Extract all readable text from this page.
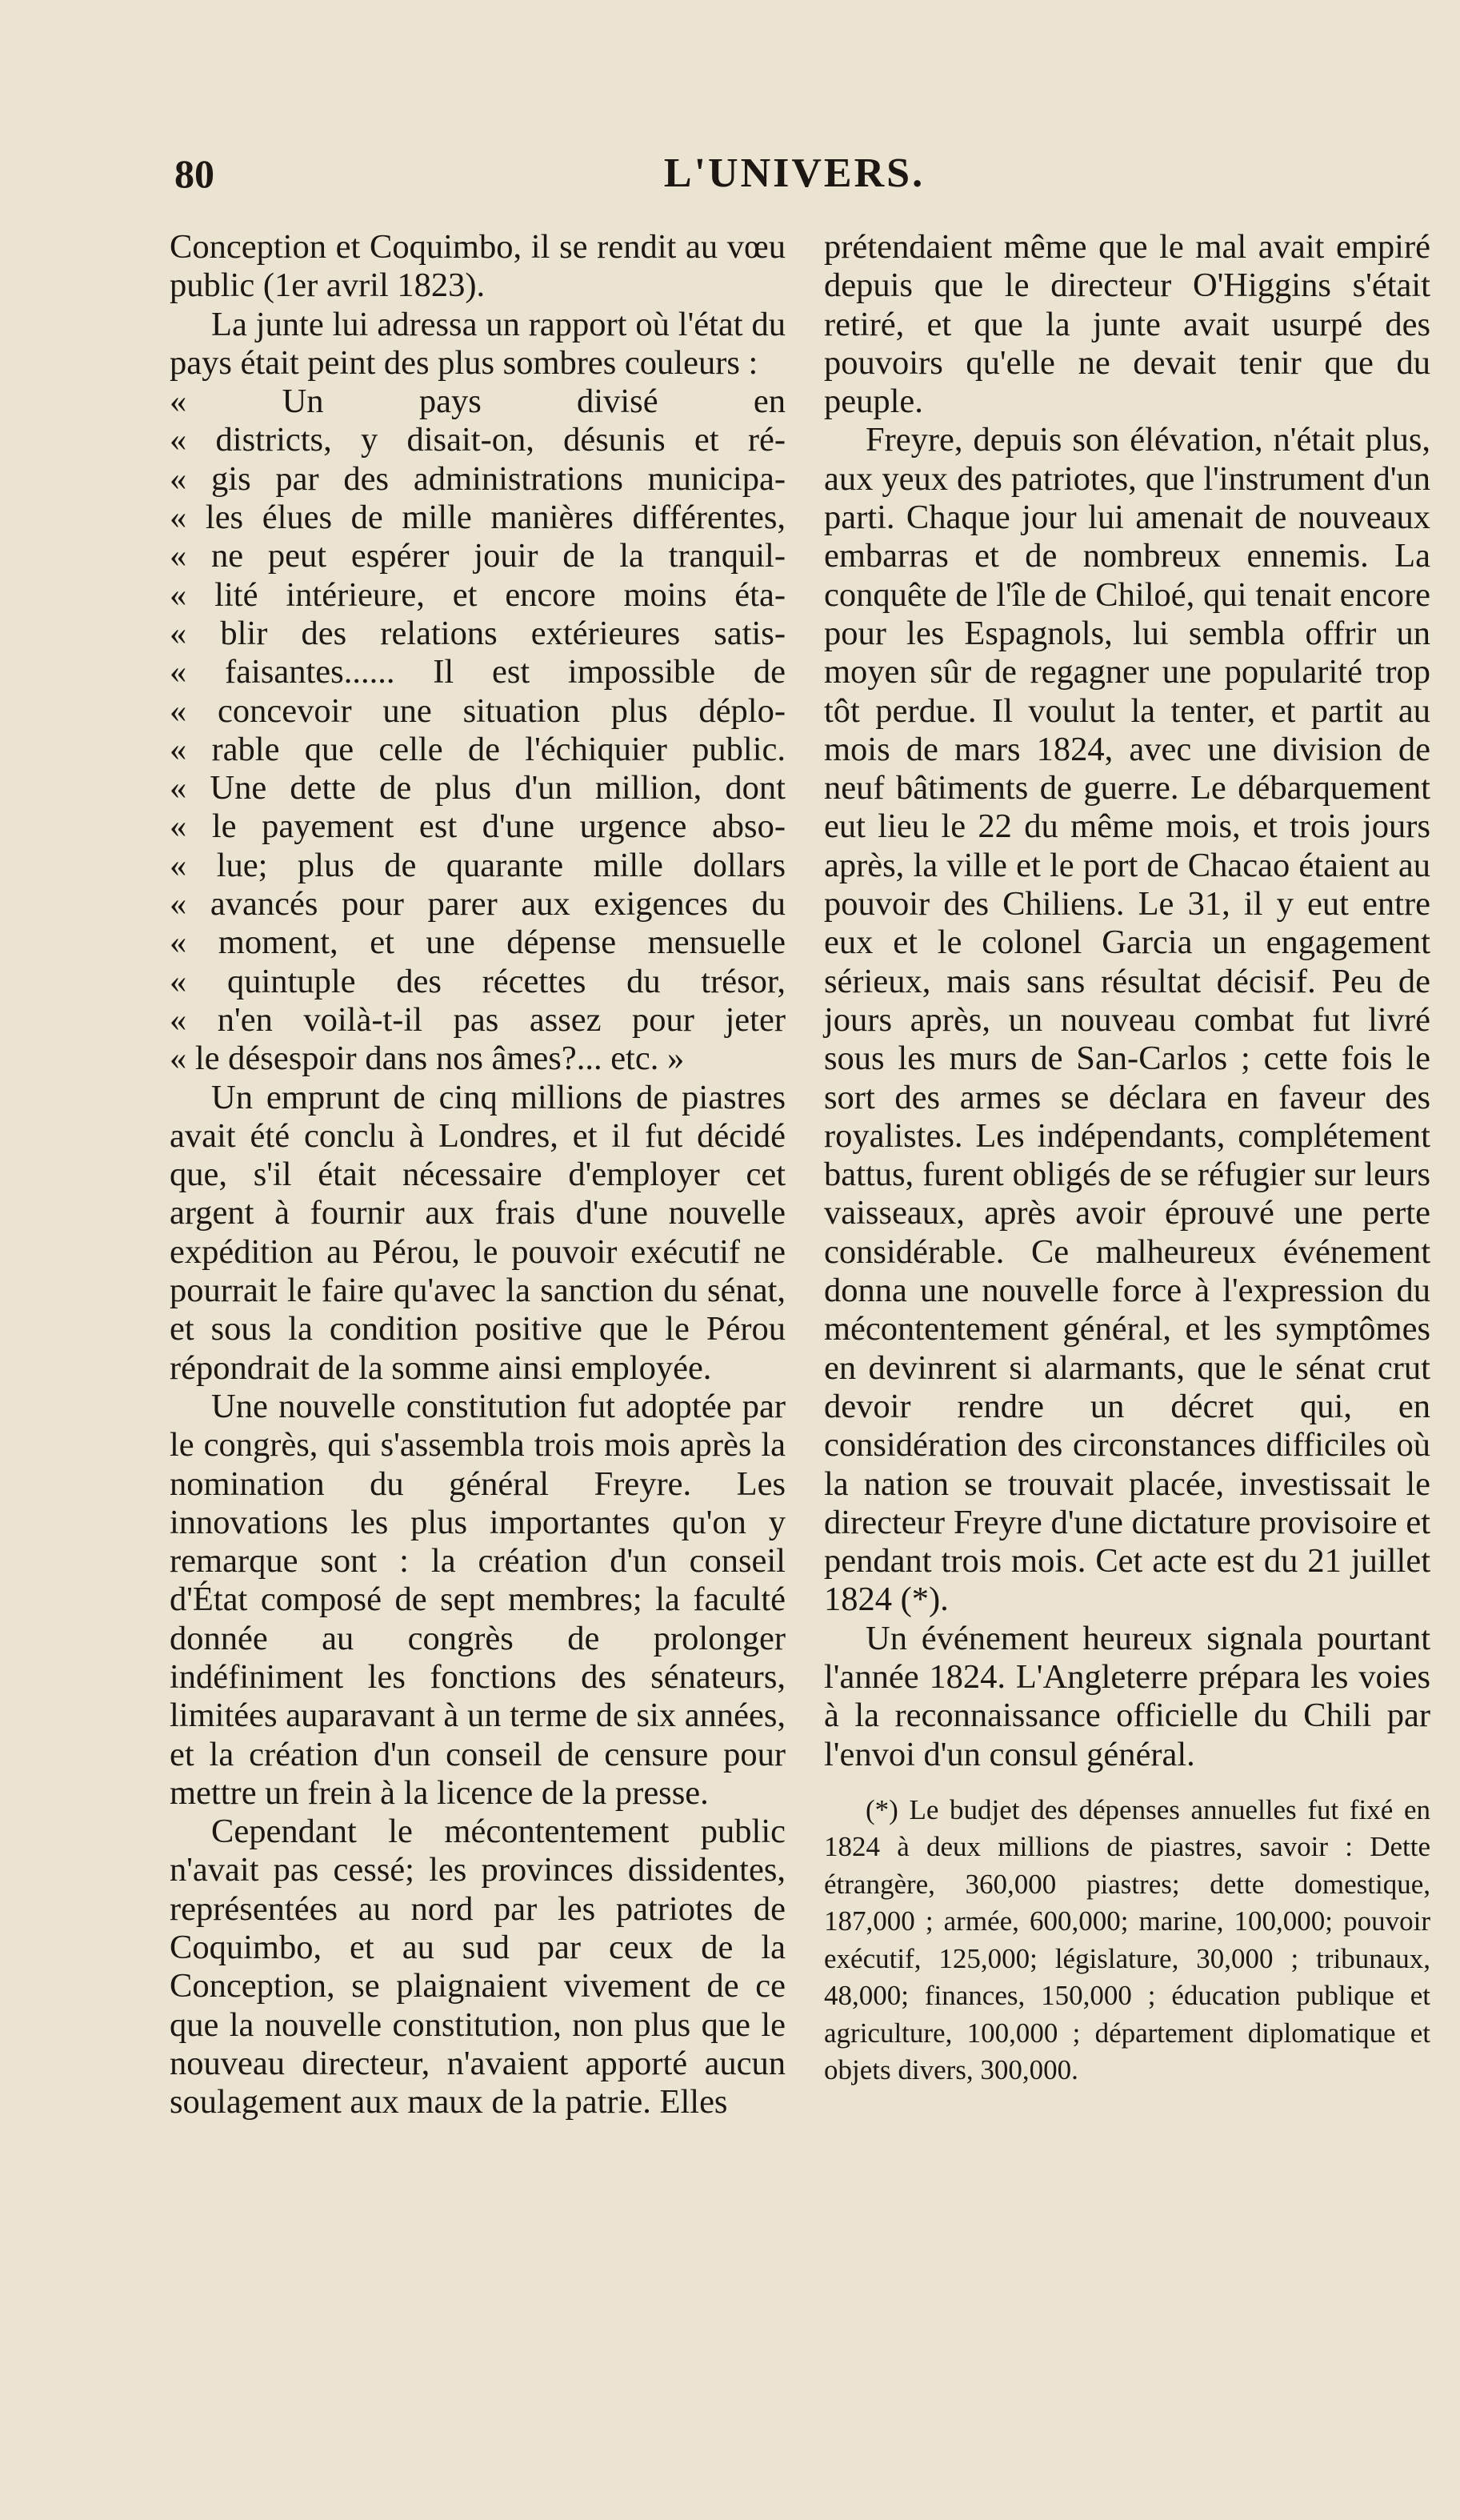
80	L'UNIVERS.

Conception et Coquimbo, il se rendit au vœu public (1er avril 1823).

La junte lui adressa un rapport où l'état du pays était peint des plus sombres couleurs :

« Un pays divisé en
« districts, y disait-on, désunis et ré-
« gis par des administrations municipa-
« les élues de mille manières différentes,
« ne peut espérer jouir de la tranquil-
« lité intérieure, et encore moins éta-
« blir des relations extérieures satis-
« faisantes...... Il est impossible de
« concevoir une situation plus déplo-
« rable que celle de l'échiquier public.
« Une dette de plus d'un million, dont
« le payement est d'une urgence abso-
« lue; plus de quarante mille dollars
« avancés pour parer aux exigences du
« moment, et une dépense mensuelle
« quintuple des récettes du trésor,
« n'en voilà-t-il pas assez pour jeter
« le désespoir dans nos âmes?... etc. »

Un emprunt de cinq millions de piastres avait été conclu à Londres, et il fut décidé que, s'il était nécessaire d'employer cet argent à fournir aux frais d'une nouvelle expédition au Pérou, le pouvoir exécutif ne pourrait le faire qu'avec la sanction du sénat, et sous la condition positive que le Pérou répondrait de la somme ainsi employée.

Une nouvelle constitution fut adoptée par le congrès, qui s'assembla trois mois après la nomination du général Freyre. Les innovations les plus importantes qu'on y remarque sont : la création d'un conseil d'État composé de sept membres; la faculté donnée au congrès de prolonger indéfiniment les fonctions des sénateurs, limitées auparavant à un terme de six années, et la création d'un conseil de censure pour mettre un frein à la licence de la presse.

Cependant le mécontentement public n'avait pas cessé; les provinces dissidentes, représentées au nord par les patriotes de Coquimbo, et au sud par ceux de la Conception, se plaignaient vivement de ce que la nouvelle constitution, non plus que le nouveau directeur, n'avaient apporté aucun soulagement aux maux de la patrie. Elles

prétendaient même que le mal avait empiré depuis que le directeur O'Higgins s'était retiré, et que la junte avait usurpé des pouvoirs qu'elle ne devait tenir que du peuple.

Freyre, depuis son élévation, n'était plus, aux yeux des patriotes, que l'instrument d'un parti. Chaque jour lui amenait de nouveaux embarras et de nombreux ennemis. La conquête de l'île de Chiloé, qui tenait encore pour les Espagnols, lui sembla offrir un moyen sûr de regagner une popularité trop tôt perdue. Il voulut la tenter, et partit au mois de mars 1824, avec une division de neuf bâtiments de guerre. Le débarquement eut lieu le 22 du même mois, et trois jours après, la ville et le port de Chacao étaient au pouvoir des Chiliens. Le 31, il y eut entre eux et le colonel Garcia un engagement sérieux, mais sans résultat décisif. Peu de jours après, un nouveau combat fut livré sous les murs de San-Carlos ; cette fois le sort des armes se déclara en faveur des royalistes. Les indépendants, complétement battus, furent obligés de se réfugier sur leurs vaisseaux, après avoir éprouvé une perte considérable. Ce malheureux événement donna une nouvelle force à l'expression du mécontentement général, et les symptômes en devinrent si alarmants, que le sénat crut devoir rendre un décret qui, en considération des circonstances difficiles où la nation se trouvait placée, investissait le directeur Freyre d'une dictature provisoire et pendant trois mois. Cet acte est du 21 juillet 1824 (*).

Un événement heureux signala pourtant l'année 1824. L'Angleterre prépara les voies à la reconnaissance officielle du Chili par l'envoi d'un consul général.

(*) Le budjet des dépenses annuelles fut fixé en 1824 à deux millions de piastres, savoir : Dette étrangère, 360,000 piastres; dette domestique, 187,000 ; armée, 600,000; marine, 100,000; pouvoir exécutif, 125,000; législature, 30,000 ; tribunaux, 48,000; finances, 150,000 ; éducation publique et agriculture, 100,000 ; département diplomatique et objets divers, 300,000.
